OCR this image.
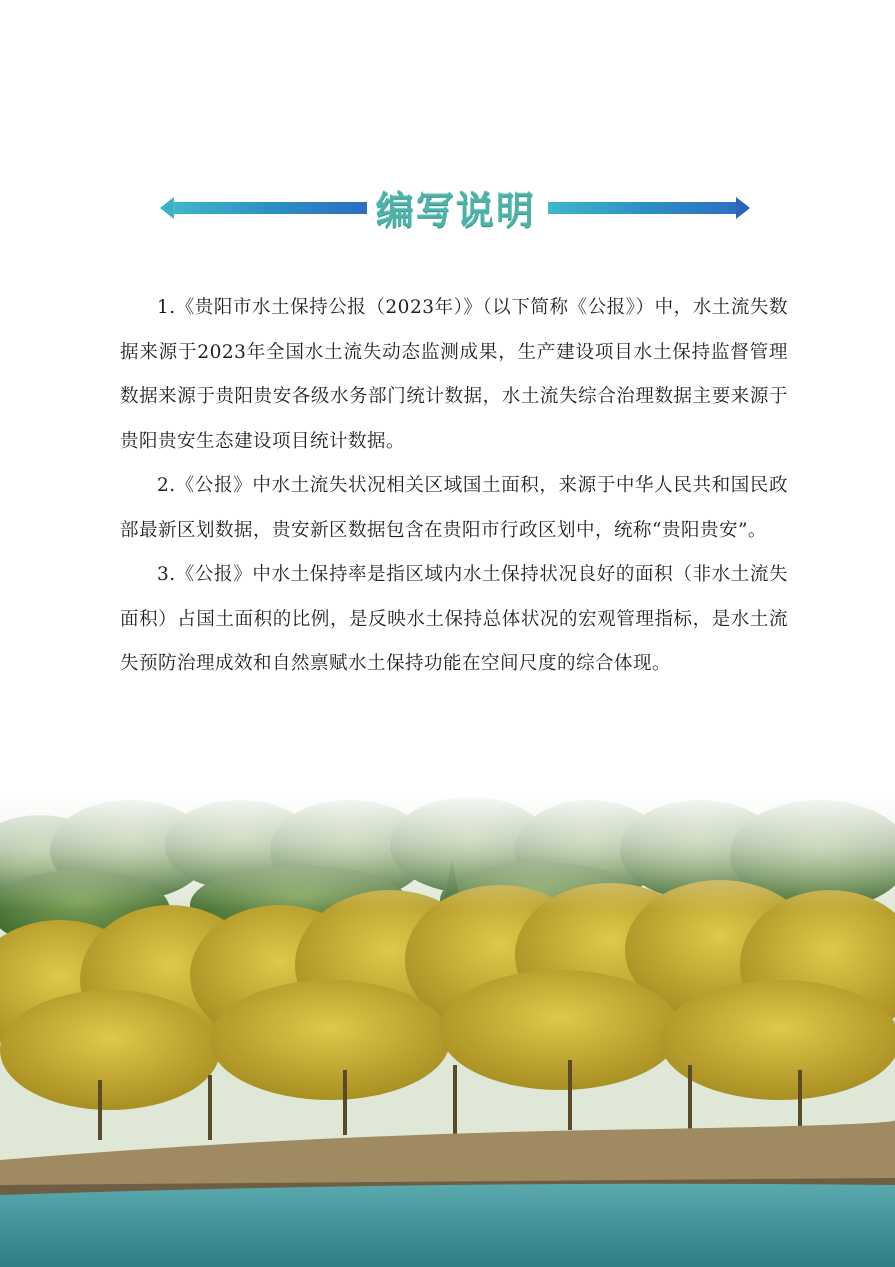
编写说明

1.《贵阳市水土保持公报（2023年）》（以下简称《公报》）中，水土流失数据来源于2023年全国水土流失动态监测成果，生产建设项目水土保持监督管理数据来源于贵阳贵安各级水务部门统计数据，水土流失综合治理数据主要来源于贵阳贵安生态建设项目统计数据。

2.《公报》中水土流失状况相关区域国土面积，来源于中华人民共和国民政部最新区划数据，贵安新区数据包含在贵阳市行政区划中，统称“贵阳贵安”。

3.《公报》中水土保持率是指区域内水土保持状况良好的面积（非水土流失面积）占国土面积的比例，是反映水土保持总体状况的宏观管理指标，是水土流失预防治理成效和自然禀赋水土保持功能在空间尺度的综合体现。
